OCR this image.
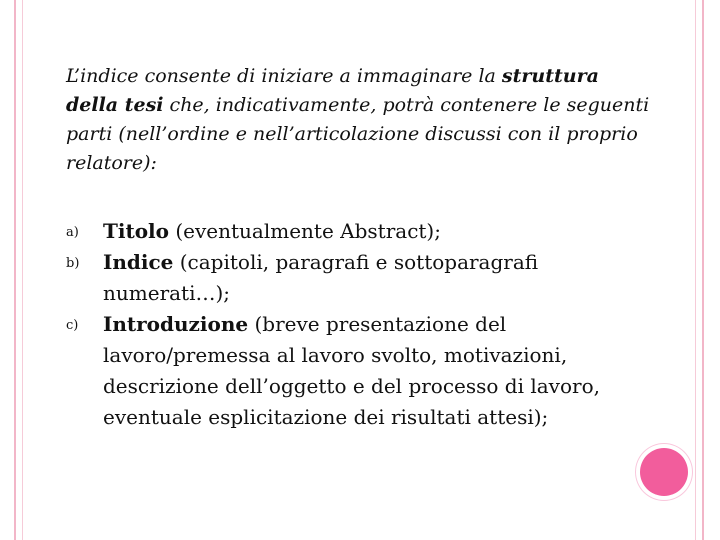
L’indice consente di iniziare a immaginare la struttura della tesi che, indicativamente, potrà contenere le seguenti parti (nell’ordine e nell’articolazione discussi con il proprio relatore):
a) Titolo (eventualmente Abstract);
b) Indice (capitoli, paragrafi e sottoparagrafi numerati…);
c) Introduzione (breve presentazione del lavoro/premessa al lavoro svolto, motivazioni, descrizione dell’oggetto e del processo di lavoro, eventuale esplicitazione dei risultati attesi);
